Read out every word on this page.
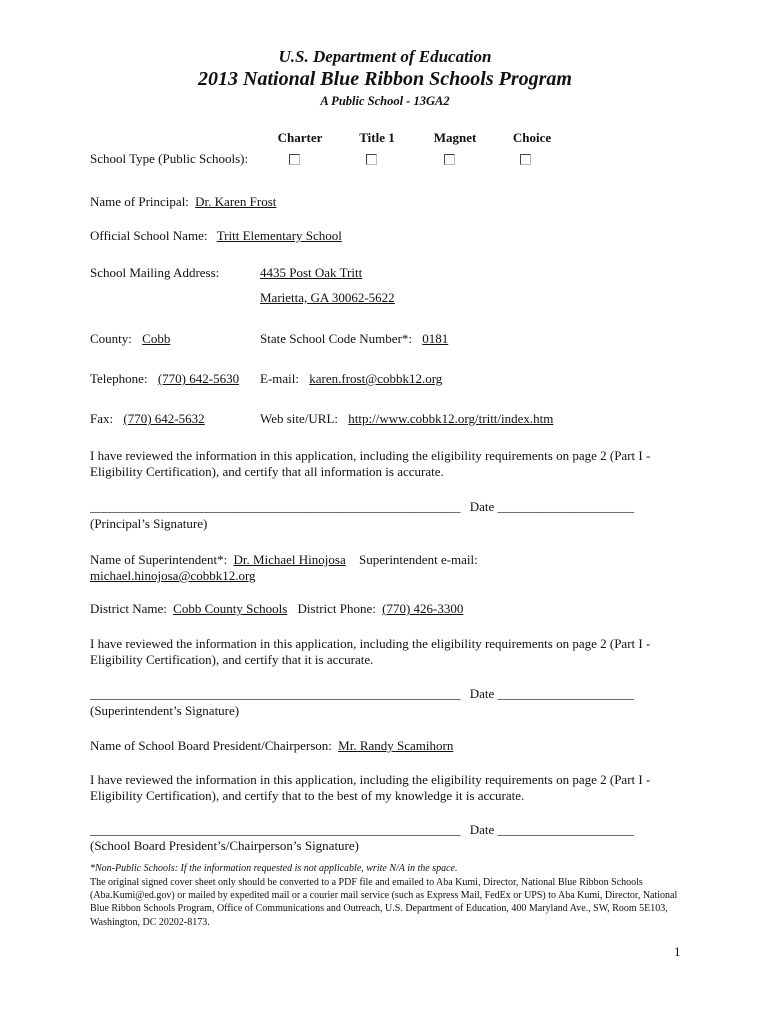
U.S. Department of Education
2013 National Blue Ribbon Schools Program
A Public School - 13GA2
Charter	Title 1	Magnet	Choice
School Type (Public Schools):
Name of Principal: Dr. Karen Frost
Official School Name: Tritt Elementary School
School Mailing Address:	4435 Post Oak Tritt
Marietta, GA 30062-5622
County: Cobb	State School Code Number*: 0181
Telephone: (770) 642-5630 E-mail: karen.frost@cobbk12.org
Fax: (770) 642-5632	Web site/URL: http://www.cobbk12.org/tritt/index.htm
I have reviewed the information in this application, including the eligibility requirements on page 2 (Part I - Eligibility Certification), and certify that all information is accurate.
_________________________________________________________ Date _____________________
(Principal’s Signature)
Name of Superintendent*: Dr. Michael Hinojosa Superintendent e-mail:
michael.hinojosa@cobbk12.org
District Name: Cobb County Schools District Phone: (770) 426-3300
I have reviewed the information in this application, including the eligibility requirements on page 2 (Part I - Eligibility Certification), and certify that it is accurate.
_________________________________________________________ Date _____________________
(Superintendent’s Signature)
Name of School Board President/Chairperson: Mr. Randy Scamihorn
I have reviewed the information in this application, including the eligibility requirements on page 2 (Part I - Eligibility Certification), and certify that to the best of my knowledge it is accurate.
_________________________________________________________ Date _____________________
(School Board President’s/Chairperson’s Signature)
*Non-Public Schools: If the information requested is not applicable, write N/A in the space.
The original signed cover sheet only should be converted to a PDF file and emailed to Aba Kumi, Director, National Blue Ribbon Schools (Aba.Kumi@ed.gov) or mailed by expedited mail or a courier mail service (such as Express Mail, FedEx or UPS) to Aba Kumi, Director, National Blue Ribbon Schools Program, Office of Communications and Outreach, U.S. Department of Education, 400 Maryland Ave., SW, Room 5E103, Washington, DC 20202-8173.
1
